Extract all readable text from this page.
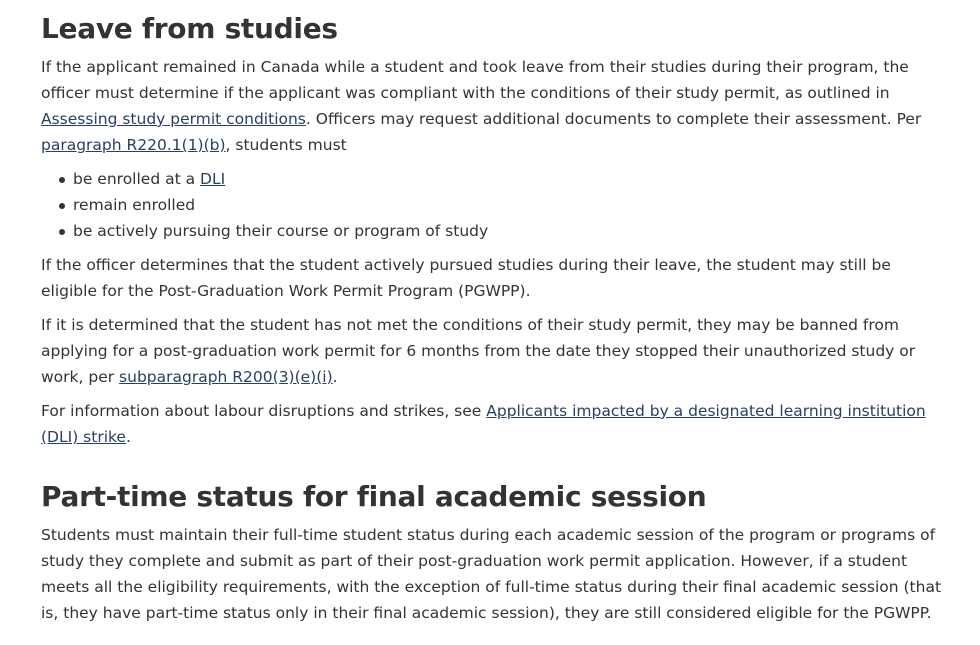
Leave from studies

If the applicant remained in Canada while a student and took leave from their studies during their program, the officer must determine if the applicant was compliant with the conditions of their study permit, as outlined in Assessing study permit conditions. Officers may request additional documents to complete their assessment. Per paragraph R220.1(1)(b), students must

be enrolled at a DLI
remain enrolled
be actively pursuing their course or program of study

If the officer determines that the student actively pursued studies during their leave, the student may still be eligible for the Post-Graduation Work Permit Program (PGWPP).

If it is determined that the student has not met the conditions of their study permit, they may be banned from applying for a post-graduation work permit for 6 months from the date they stopped their unauthorized study or work, per subparagraph R200(3)(e)(i).

For information about labour disruptions and strikes, see Applicants impacted by a designated learning institution (DLI) strike.

Part-time status for final academic session

Students must maintain their full-time student status during each academic session of the program or programs of study they complete and submit as part of their post-graduation work permit application. However, if a student meets all the eligibility requirements, with the exception of full-time status during their final academic session (that is, they have part-time status only in their final academic session), they are still considered eligible for the PGWPP.
